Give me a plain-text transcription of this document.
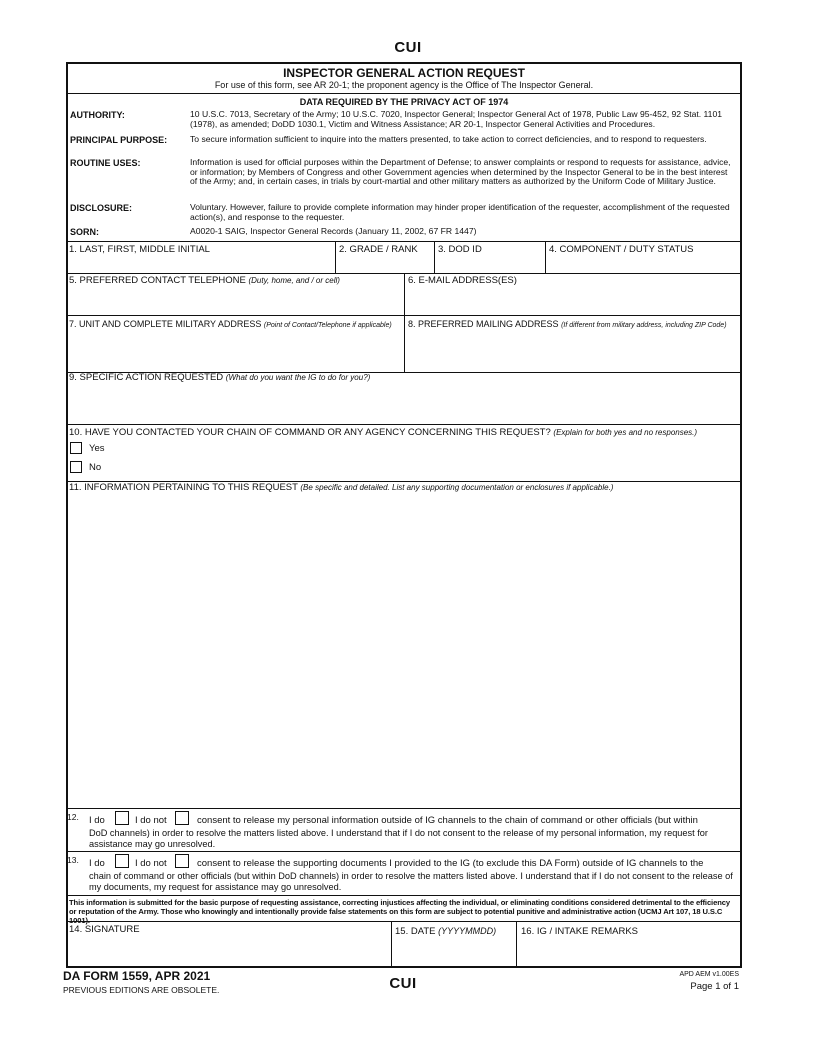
CUI
INSPECTOR GENERAL ACTION REQUEST
For use of this form, see AR 20-1; the proponent agency is the Office of The Inspector General.
DATA REQUIRED BY THE PRIVACY ACT OF 1974
AUTHORITY:	10 U.S.C. 7013, Secretary of the Army; 10 U.S.C. 7020, Inspector General; Inspector General Act of 1978, Public Law 95-452, 92 Stat. 1101 (1978), as amended; DoDD 1030.1, Victim and Witness Assistance; AR 20-1, Inspector General Activities and Procedures.
PRINCIPAL PURPOSE:	To secure information sufficient to inquire into the matters presented, to take action to correct deficiencies, and to respond to requesters.
ROUTINE USES:	Information is used for official purposes within the Department of Defense; to answer complaints or respond to requests for assistance, advice, or information; by Members of Congress and other Government agencies when determined by the Inspector General to be in the best interest of the Army; and, in certain cases, in trials by court-martial and other military matters as authorized by the Uniform Code of Military Justice.
DISCLOSURE:	Voluntary. However, failure to provide complete information may hinder proper identification of the requester, accomplishment of the requested action(s), and response to the requester.
SORN:	A0020-1 SAIG, Inspector General Records (January 11, 2002, 67 FR 1447)
1. LAST, FIRST, MIDDLE INITIAL	2. GRADE / RANK 3. DOD ID	4. COMPONENT / DUTY STATUS
5. PREFERRED CONTACT TELEPHONE (Duty, home, and / or cell)	6. E-MAIL ADDRESS(ES)
7. UNIT AND COMPLETE MILITARY ADDRESS (Point of Contact/Telephone if applicable) 8. PREFERRED MAILING ADDRESS (If different from military address, including ZIP Code)
9. SPECIFIC ACTION REQUESTED (What do you want the IG to do for you?)
10. HAVE YOU CONTACTED YOUR CHAIN OF COMMAND OR ANY AGENCY CONCERNING THIS REQUEST? (Explain for both yes and no responses.)
Yes
No
11. INFORMATION PERTAINING TO THIS REQUEST (Be specific and detailed. List any supporting documentation or enclosures if applicable.)
12. I do	I do not	consent to release my personal information outside of IG channels to the chain of command or other officials (but within
DoD channels) in order to resolve the matters listed above. I understand that if I do not consent to the release of my personal information, my request for assistance may go unresolved.
13. I do	I do not	consent to release the supporting documents I provided to the IG (to exclude this DA Form) outside of IG channels to the
chain of command or other officials (but within DoD channels) in order to resolve the matters listed above. I understand that if I do not consent to the release of my documents, my request for assistance may go unresolved.
This information is submitted for the basic purpose of requesting assistance, correcting injustices affecting the individual, or eliminating conditions considered detrimental to the efficiency or reputation of the Army. Those who knowingly and intentionally provide false statements on this form are subject to potential punitive and administrative action (UCMJ Art 107, 18 U.S.C 1001).
14. SIGNATURE	15. DATE (YYYYMMDD)	16. IG / INTAKE REMARKS
DA FORM 1559, APR 2021
PREVIOUS EDITIONS ARE OBSOLETE.	CUI
APD AEM v1.00ES
Page 1 of 1
